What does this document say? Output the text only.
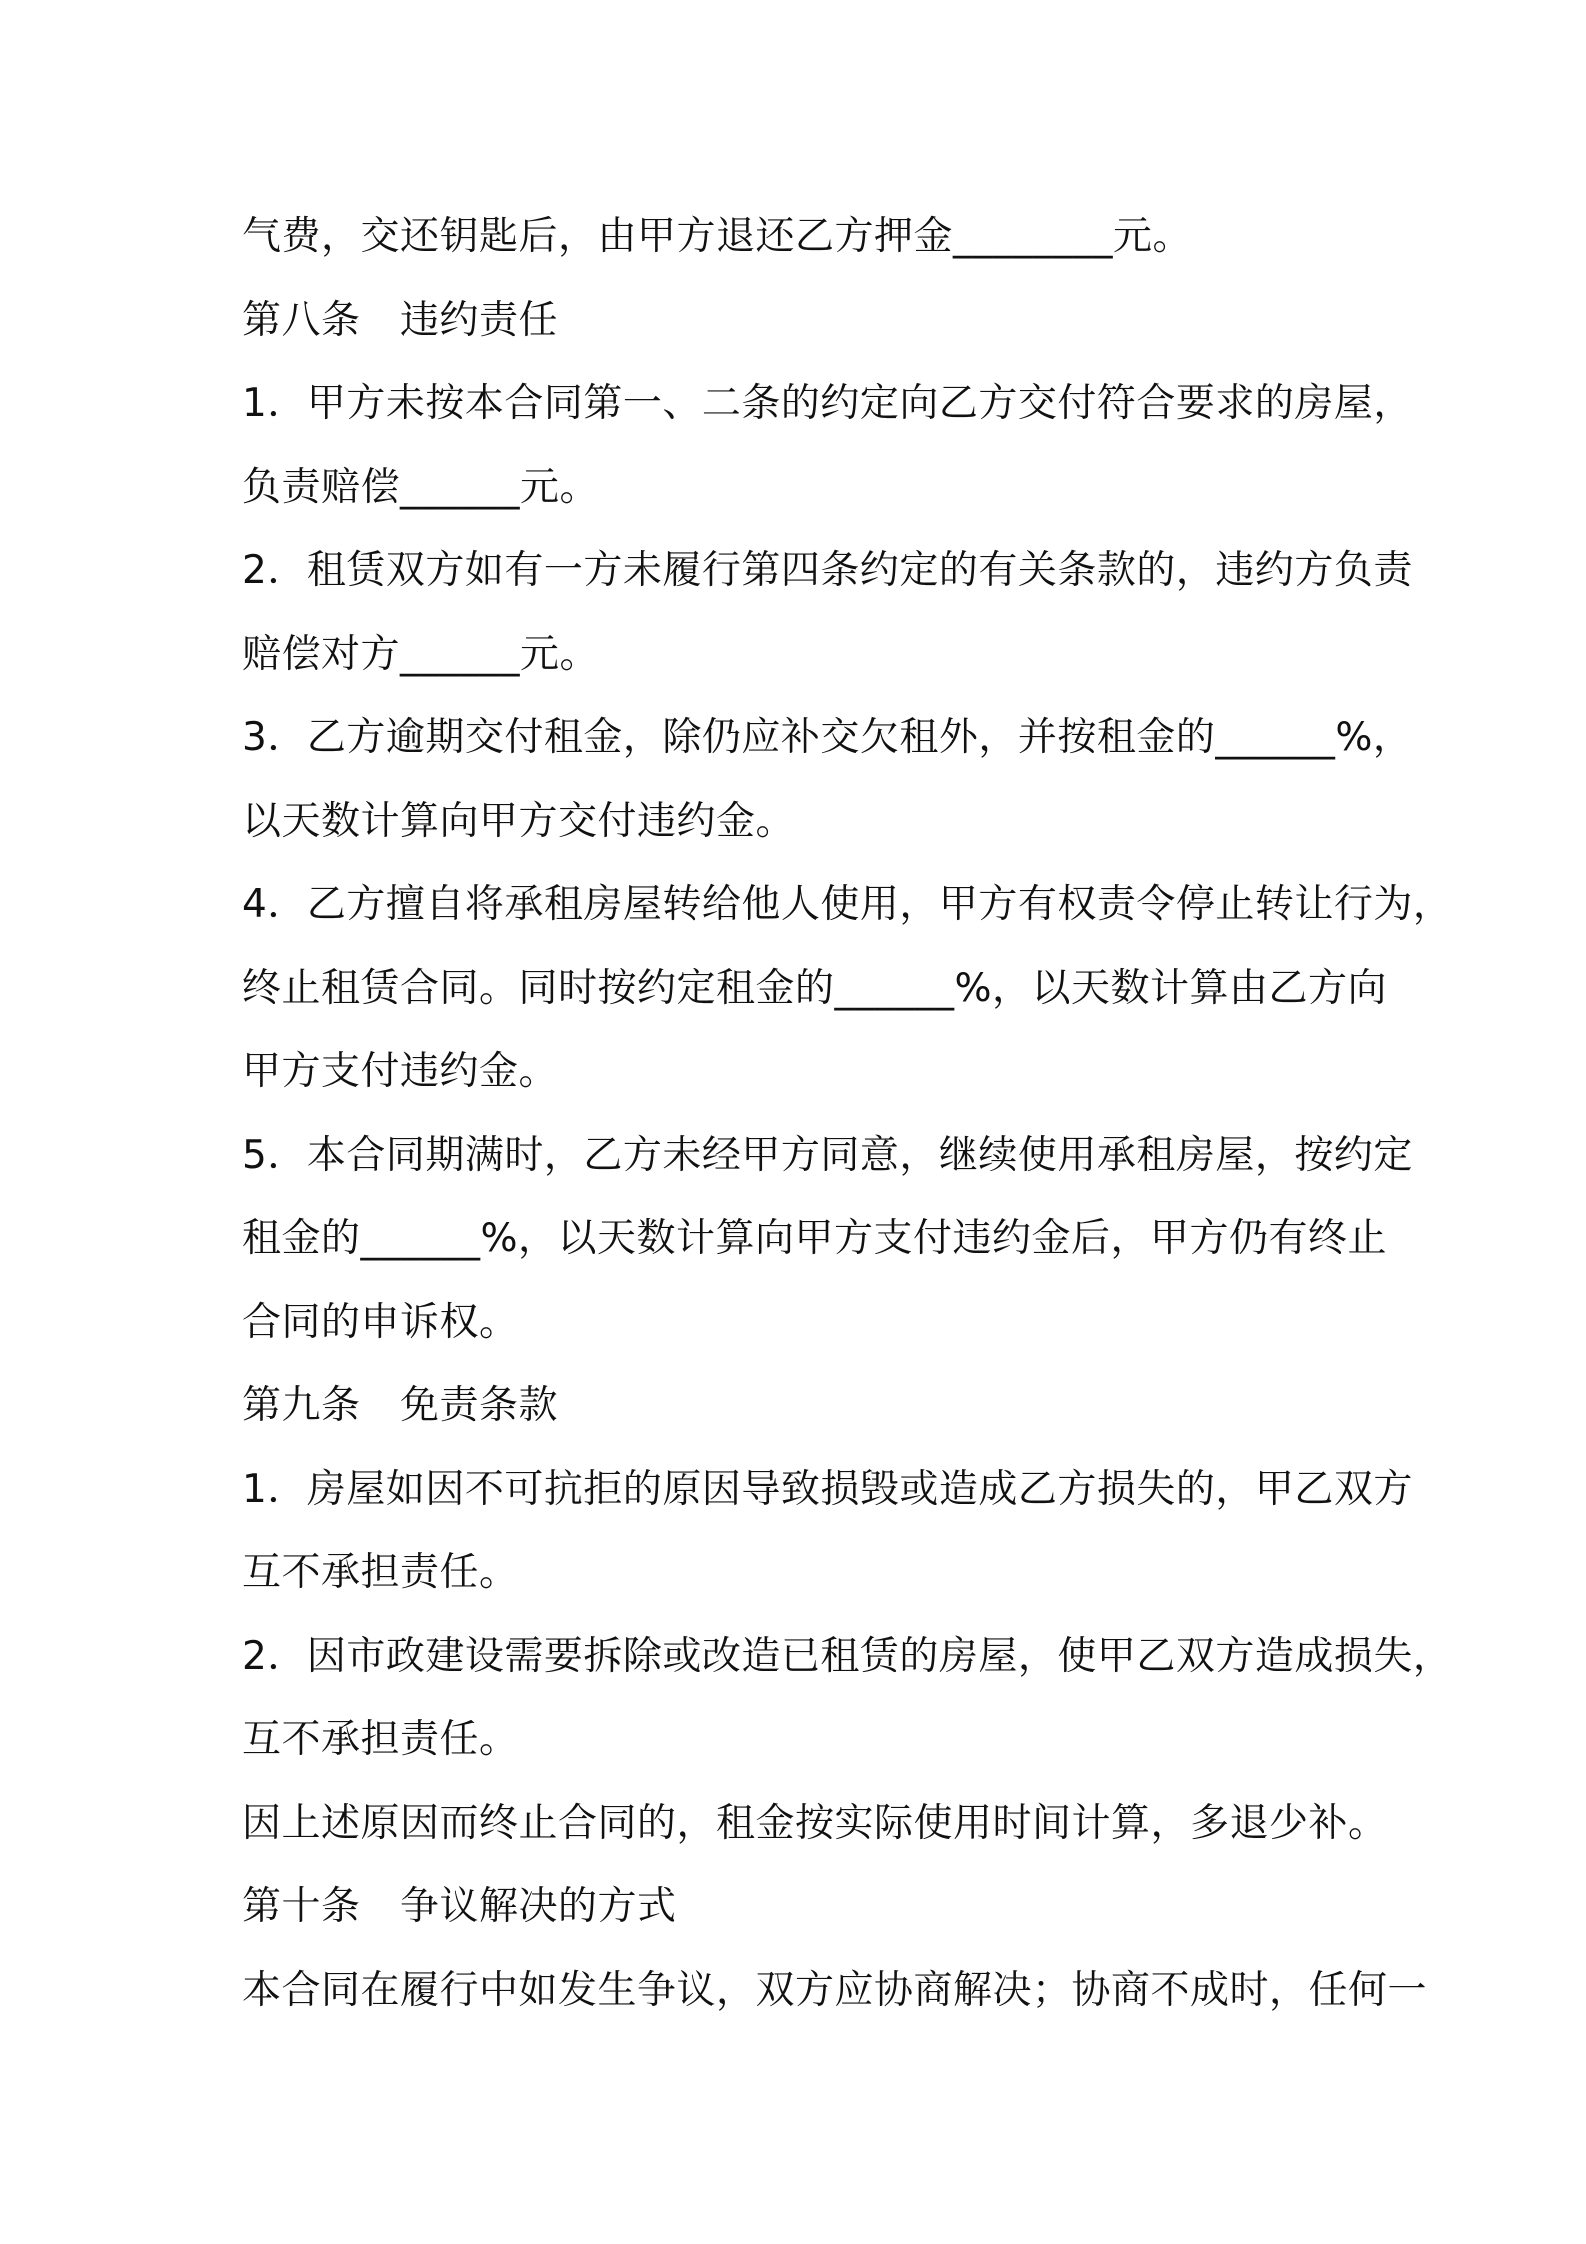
气费，交还钥匙后，由甲方退还乙方押金________元。
第八条　违约责任
1．甲方未按本合同第一、二条的约定向乙方交付符合要求的房屋，
负责赔偿______元。
2．租赁双方如有一方未履行第四条约定的有关条款的，违约方负责
赔偿对方______元。
3．乙方逾期交付租金，除仍应补交欠租外，并按租金的______%，
以天数计算向甲方交付违约金。
4．乙方擅自将承租房屋转给他人使用，甲方有权责令停止转让行为，
终止租赁合同。同时按约定租金的______%，以天数计算由乙方向
甲方支付违约金。
5．本合同期满时，乙方未经甲方同意，继续使用承租房屋，按约定
租金的______%，以天数计算向甲方支付违约金后，甲方仍有终止
合同的申诉权。
第九条　免责条款
1．房屋如因不可抗拒的原因导致损毁或造成乙方损失的，甲乙双方
互不承担责任。
2．因市政建设需要拆除或改造已租赁的房屋，使甲乙双方造成损失，
互不承担责任。
因上述原因而终止合同的，租金按实际使用时间计算，多退少补。
第十条　争议解决的方式
本合同在履行中如发生争议，双方应协商解决；协商不成时，任何一
